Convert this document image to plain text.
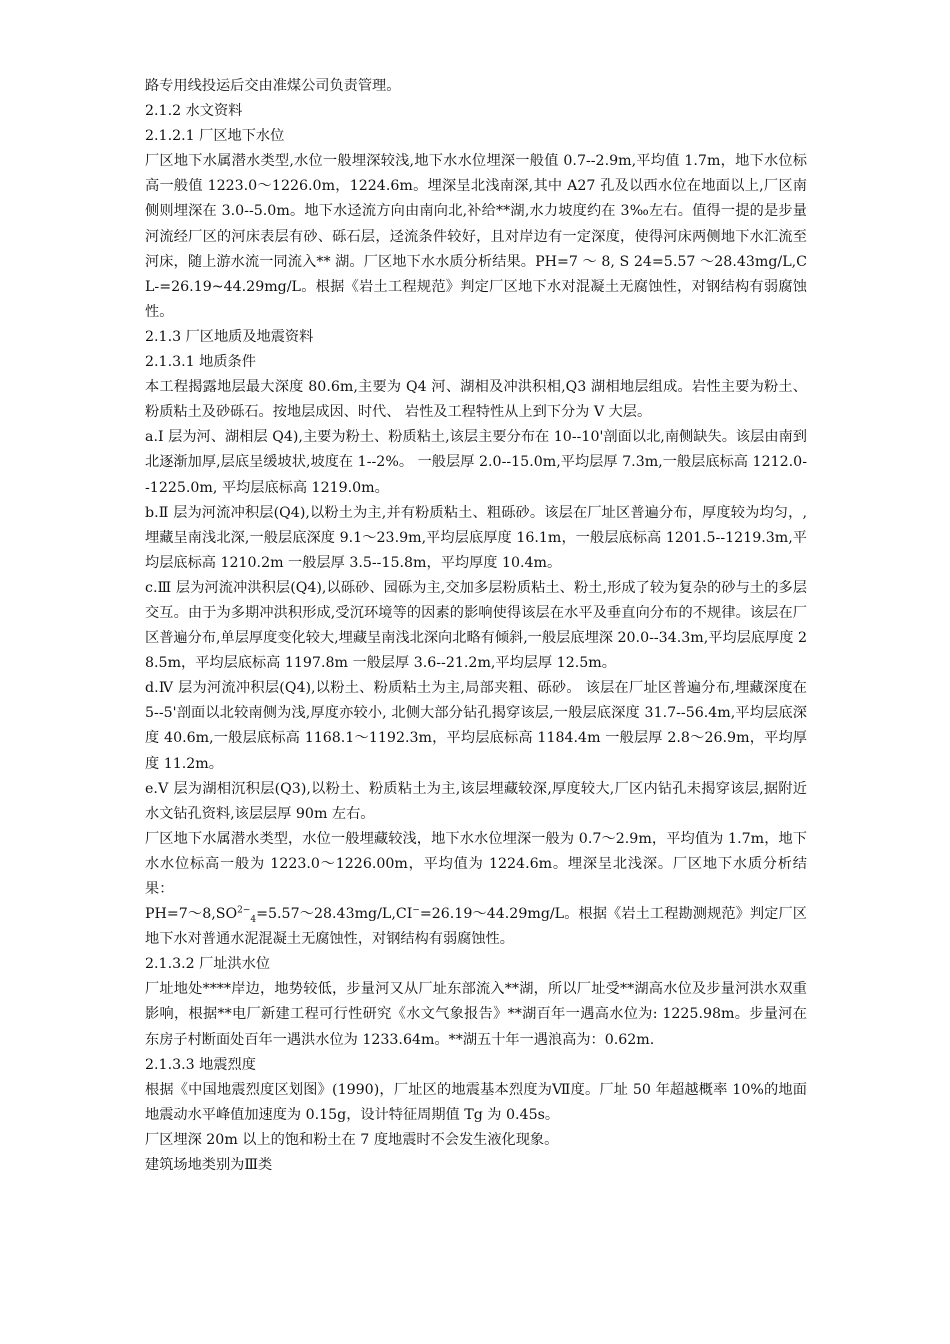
路专用线投运后交由准煤公司负责管理。

2.1.2 水文资料

2.1.2.1 厂区地下水位

厂区地下水属潜水类型,水位一般埋深较浅,地下水水位埋深一般值 0.7--2.9m,平均值 1.7m，地下水位标高一般值 1223.0～1226.0m，1224.6m。埋深呈北浅南深,其中 A27 孔及以西水位在地面以上,厂区南侧则埋深在 3.0--5.0m。地下水迳流方向由南向北,补给**湖,水力坡度约在 3‰左右。值得一提的是步量河流经厂区的河床表层有砂、砾石层，迳流条件较好，且对岸边有一定深度，使得河床两侧地下水汇流至河床，随上游水流一同流入** 湖。厂区地下水水质分析结果。PH=7 ～ 8, S 24=5.57 ～28.43mg/L,CL-=26.19~44.29mg/L。根据《岩土工程规范》判定厂区地下水对混凝土无腐蚀性，对钢结构有弱腐蚀性。

2.1.3 厂区地质及地震资料

2.1.3.1 地质条件

本工程揭露地层最大深度 80.6m,主要为 Q4 河、湖相及冲洪积相,Q3 湖相地层组成。岩性主要为粉土、粉质粘土及砂砾石。按地层成因、时代、 岩性及工程特性从上到下分为 V 大层。

a.I 层为河、湖相层 Q4),主要为粉土、粉质粘土,该层主要分布在 10--10'剖面以北,南侧缺失。该层由南到北逐渐加厚,层底呈缓坡状,坡度在 1--2%。 一般层厚 2.0--15.0m,平均层厚 7.3m,一般层底标高 1212.0--1225.0m, 平均层底标高 1219.0m。

b.Ⅱ 层为河流冲积层(Q4),以粉土为主,并有粉质粘土、粗砾砂。该层在厂址区普遍分布，厚度较为均匀，,埋藏呈南浅北深,一般层底深度 9.1～23.9m,平均层底厚度 16.1m，一般层底标高 1201.5--1219.3m,平均层底标高 1210.2m 一般层厚 3.5--15.8m，平均厚度 10.4m。

c.Ⅲ 层为河流冲洪积层(Q4),以砾砂、园砾为主,交加多层粉质粘土、粉土,形成了较为复杂的砂与土的多层交互。由于为多期冲洪积形成,受沉环境等的因素的影响使得该层在水平及垂直向分布的不规律。该层在厂区普遍分布,单层厚度变化较大,埋藏呈南浅北深向北略有倾斜,一般层底埋深 20.0--34.3m,平均层底厚度 28.5m，平均层底标高 1197.8m 一般层厚 3.6--21.2m,平均层厚 12.5m。

d.Ⅳ 层为河流冲积层(Q4),以粉土、粉质粘土为主,局部夹粗、砾砂。 该层在厂址区普遍分布,埋藏深度在 5--5'剖面以北较南侧为浅,厚度亦较小, 北侧大部分钻孔揭穿该层,一般层底深度 31.7--56.4m,平均层底深度 40.6m,一般层底标高 1168.1～1192.3m，平均层底标高 1184.4m 一般层厚 2.8～26.9m，平均厚度 11.2m。

e.Ⅴ 层为湖相沉积层(Q3),以粉土、粉质粘土为主,该层埋藏较深,厚度较大,厂区内钻孔未揭穿该层,据附近水文钻孔资料,该层层厚 90m 左右。

厂区地下水属潜水类型，水位一般埋藏较浅，地下水水位埋深一般为 0.7～2.9m，平均值为 1.7m，地下水水位标高一般为 1223.0～1226.00m，平均值为 1224.6m。埋深呈北浅深。厂区地下水质分析结果：

$PH=7\sim 8,SO^{2-}_4=5.57\sim 28.43mg/L,CI^-=26.19\sim 44.29mg/L$。根据《岩土工程勘测规范》判定厂区地下水对普通水泥混凝土无腐蚀性，对钢结构有弱腐蚀性。

2.1.3.2 厂址洪水位

厂址地处****岸边，地势较低，步量河又从厂址东部流入**湖，所以厂址受**湖高水位及步量河洪水双重影响，根据**电厂新建工程可行性研究《水文气象报告》**湖百年一遇高水位为: 1225.98m。步量河在东房子村断面处百年一遇洪水位为 1233.64m。**湖五十年一遇浪高为：0.62m.

2.1.3.3 地震烈度

根据《中国地震烈度区划图》(1990)，厂址区的地震基本烈度为Ⅶ度。厂址 50 年超越概率 10%的地面地震动水平峰值加速度为 0.15g，设计特征周期值 Tg 为 0.45s。

厂区埋深 20m 以上的饱和粉土在 7 度地震时不会发生液化现象。

建筑场地类别为Ⅲ类
